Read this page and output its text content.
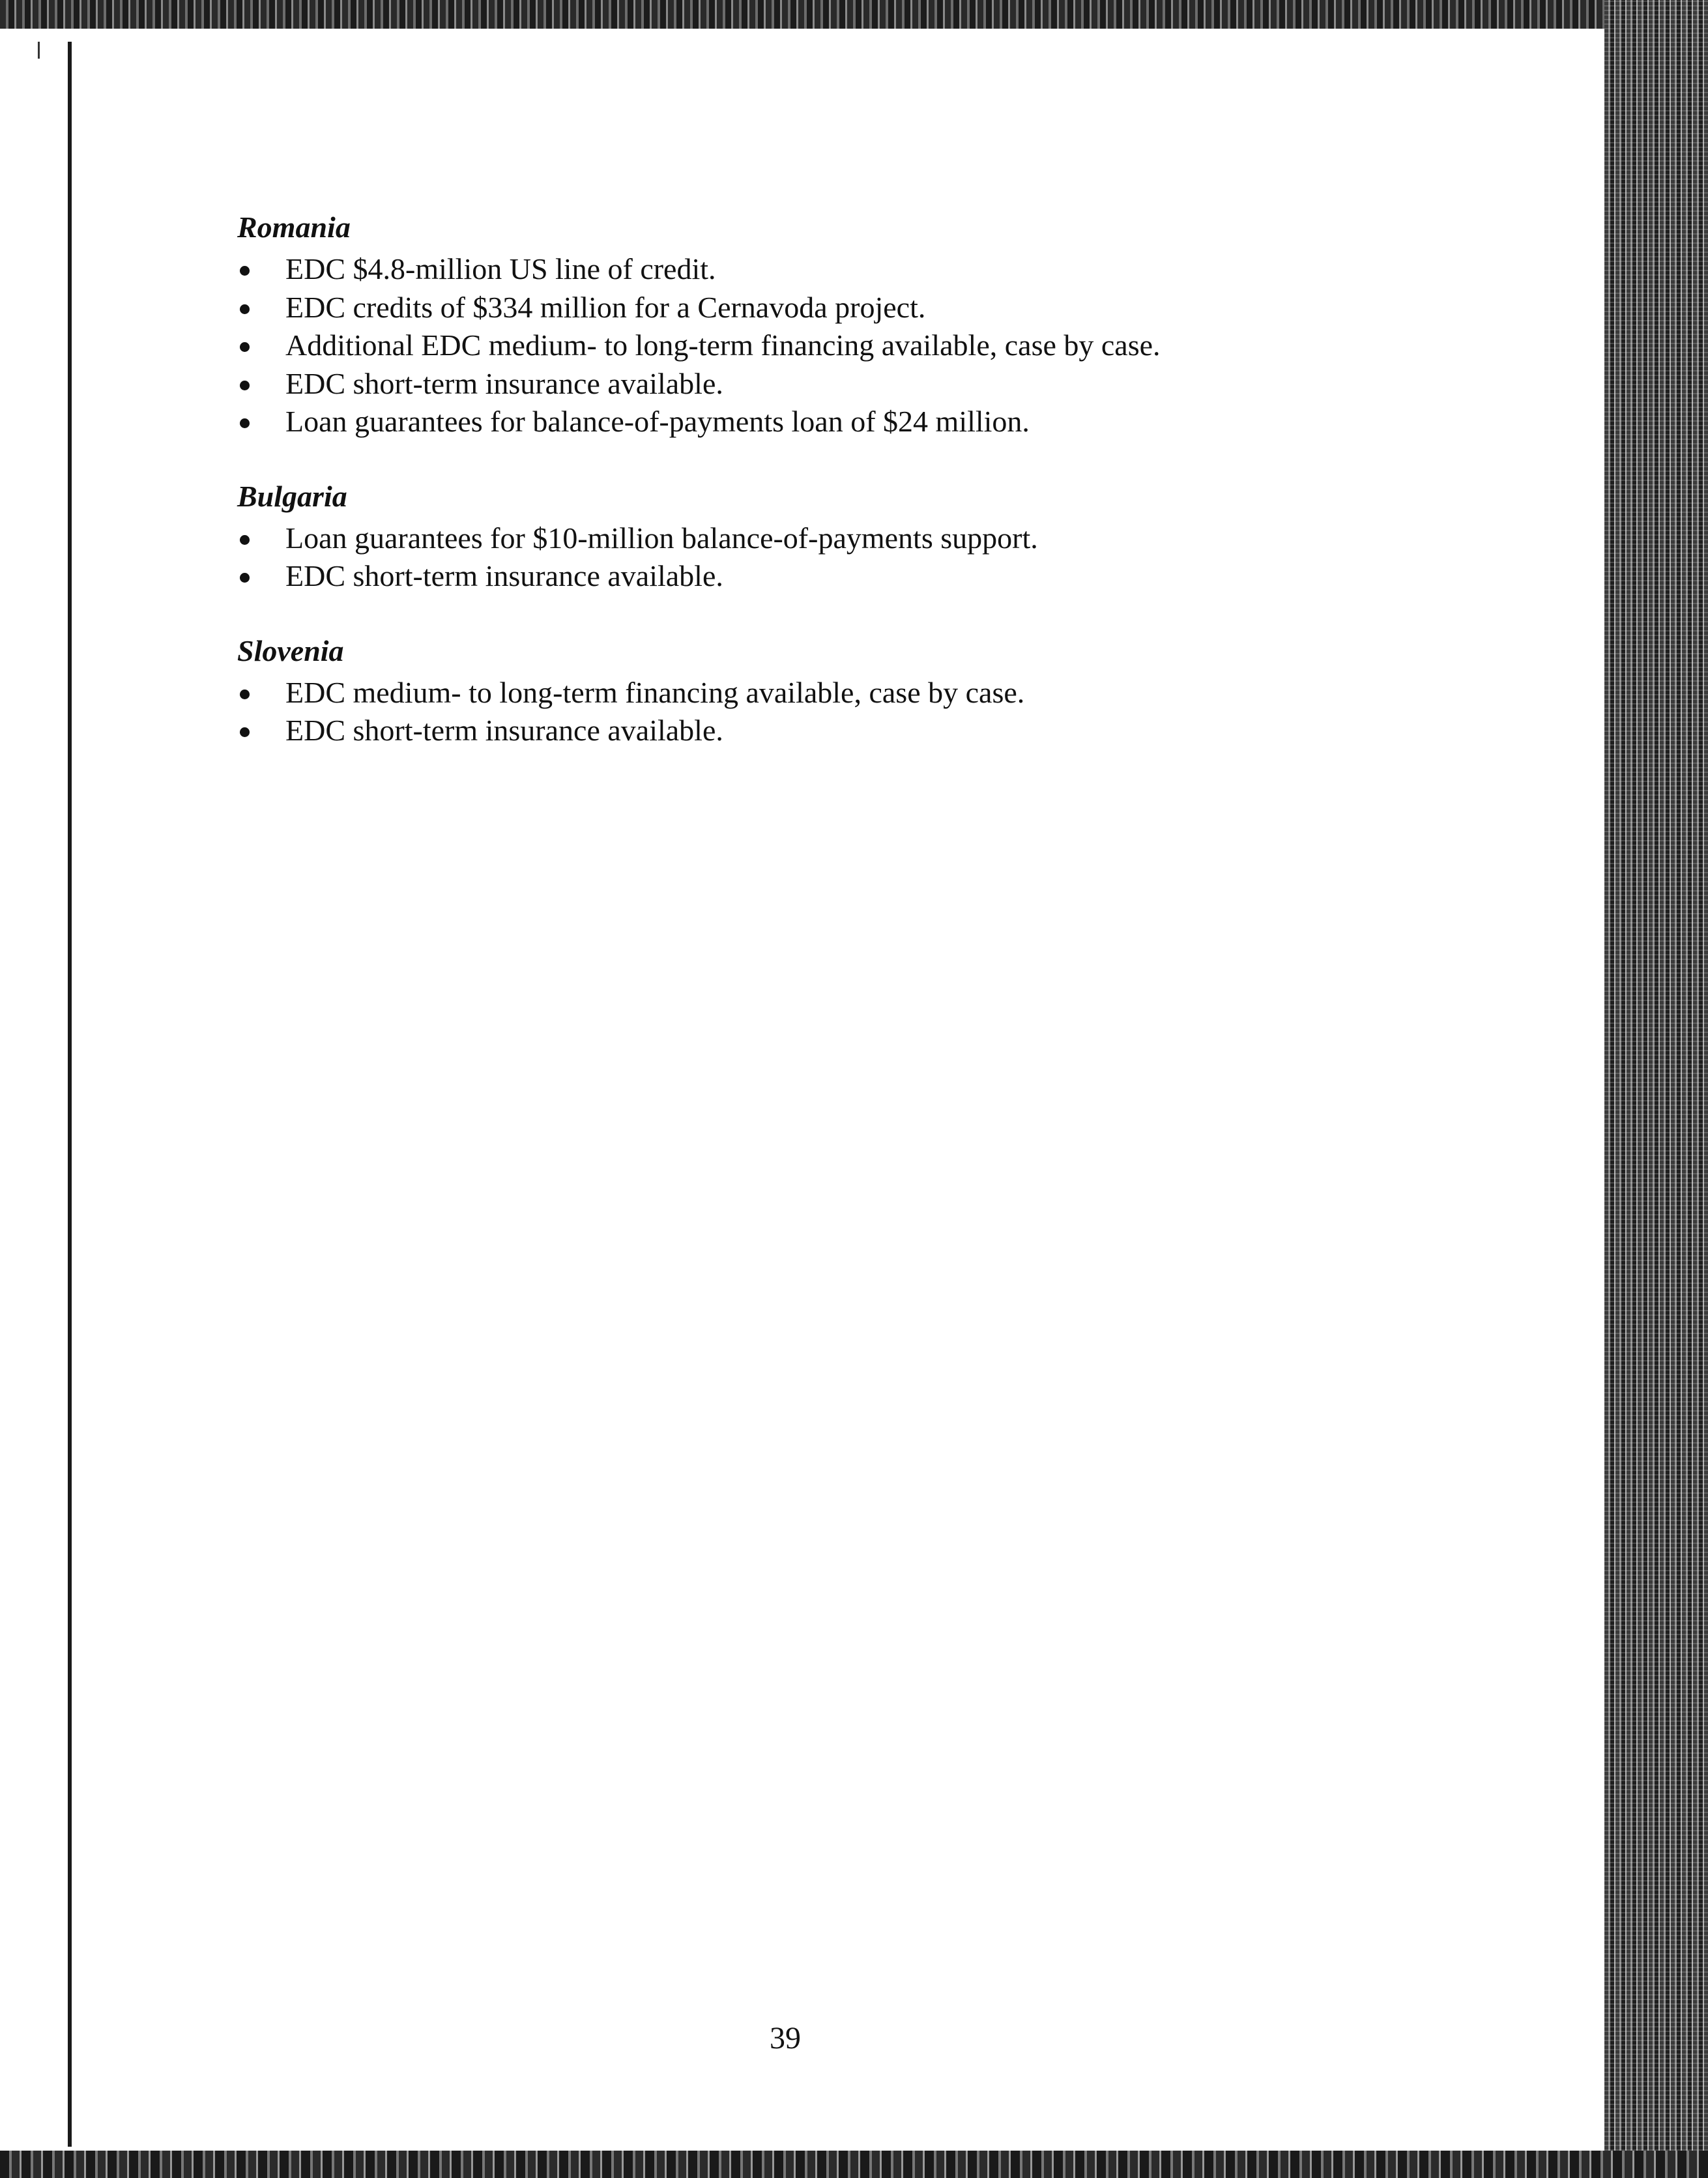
Romania
EDC $4.8-million US line of credit.
EDC credits of $334 million for a Cernavoda project.
Additional EDC medium- to long-term financing available, case by case.
EDC short-term insurance available.
Loan guarantees for balance-of-payments loan of $24 million.
Bulgaria
Loan guarantees for $10-million balance-of-payments support.
EDC short-term insurance available.
Slovenia
EDC medium- to long-term financing available, case by case.
EDC short-term insurance available.
39
